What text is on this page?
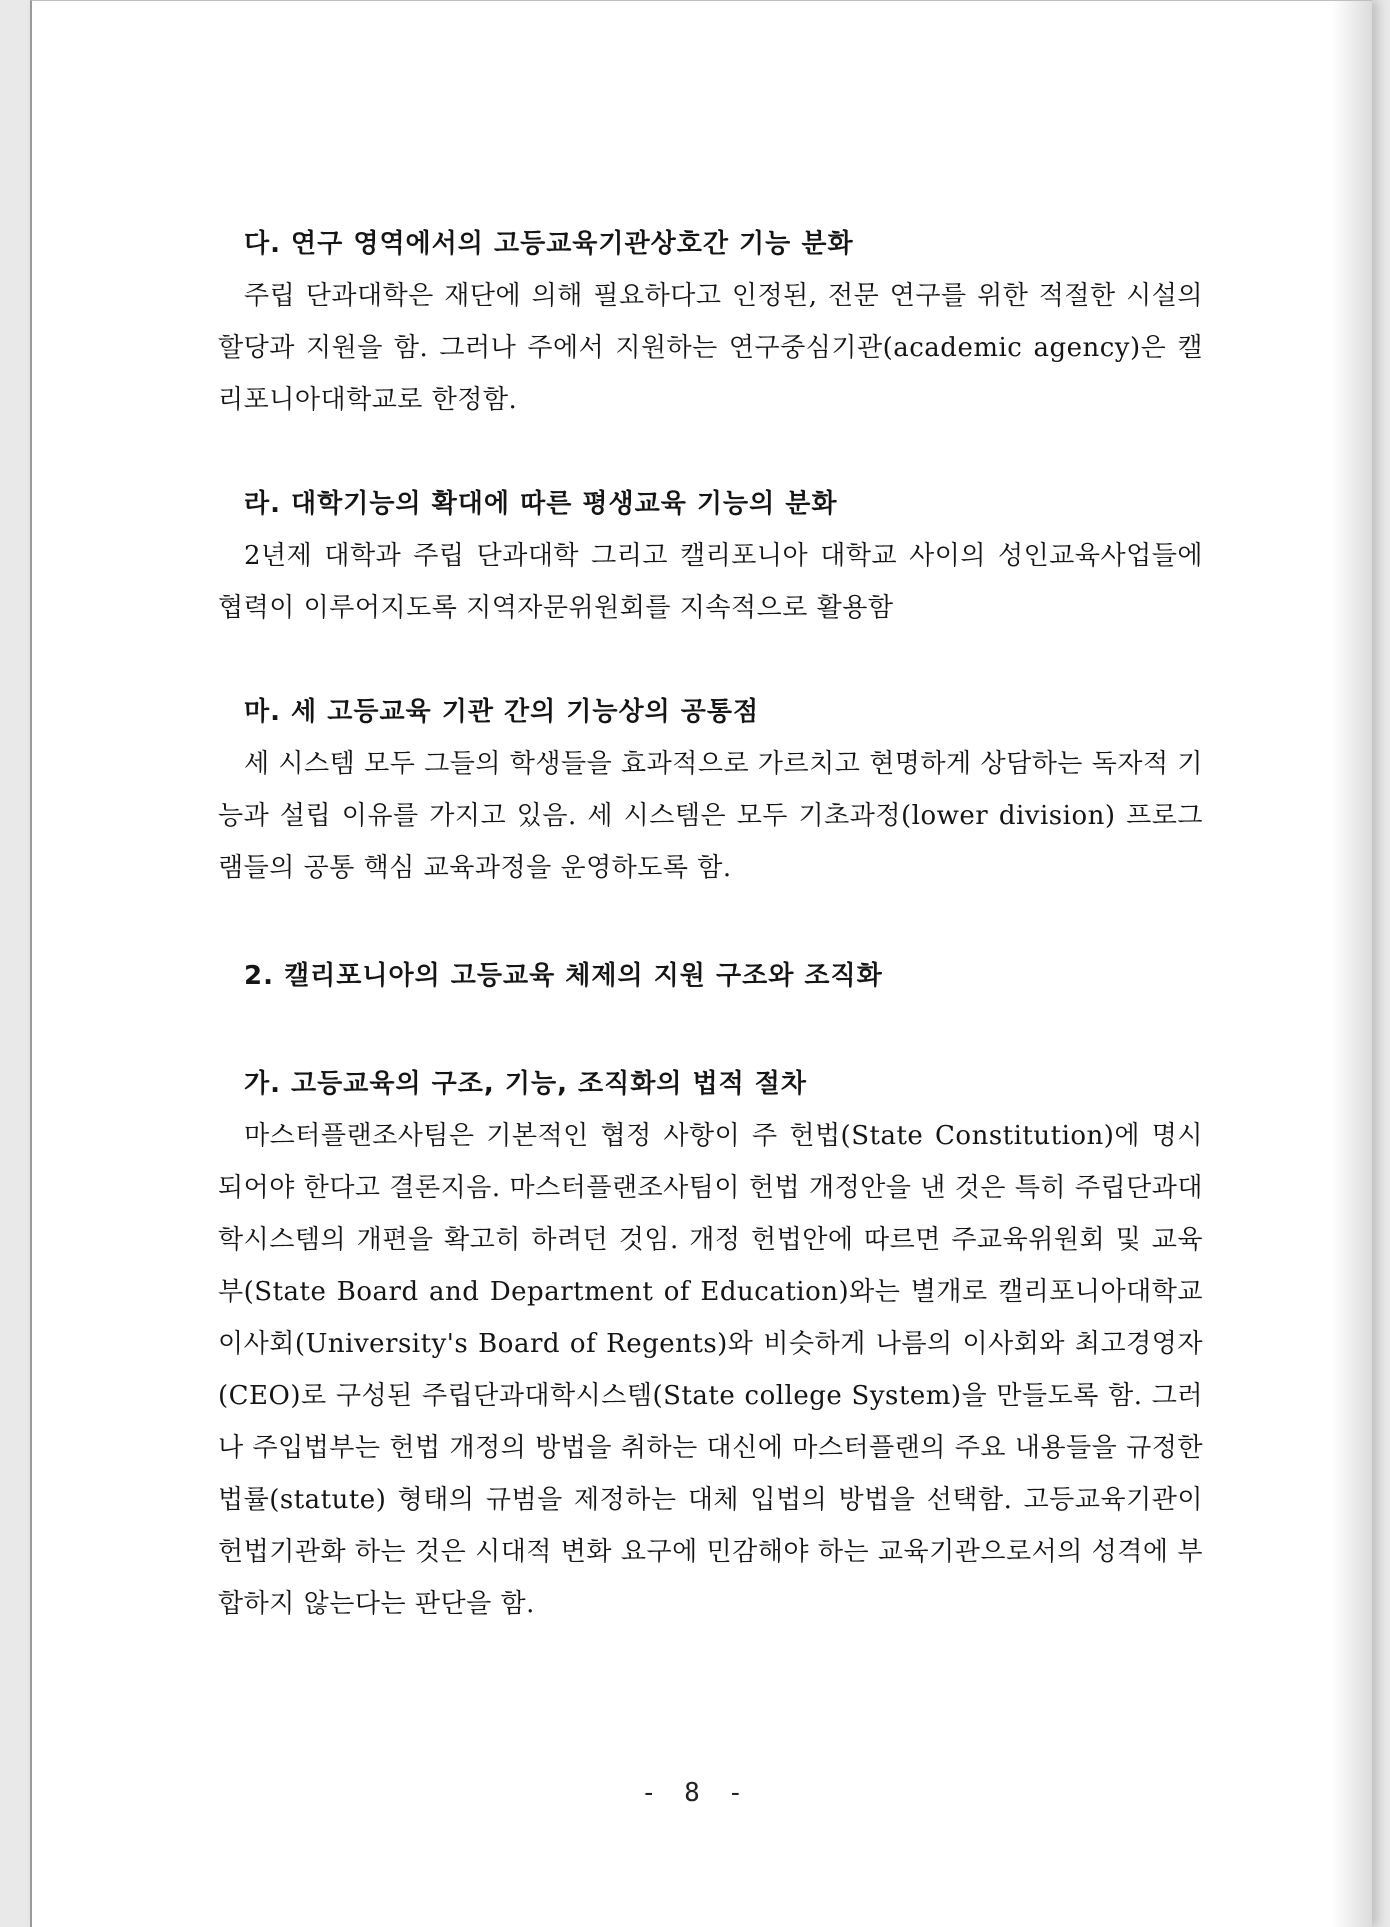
다. 연구 영역에서의 고등교육기관상호간 기능 분화

주립 단과대학은 재단에 의해 필요하다고 인정된, 전문 연구를 위한 적절한 시설의 할당과 지원을 함. 그러나 주에서 지원하는 연구중심기관(academic agency)은 캘리포니아대학교로 한정함.

라. 대학기능의 확대에 따른 평생교육 기능의 분화

2년제 대학과 주립 단과대학 그리고 캘리포니아 대학교 사이의 성인교육사업들에 협력이 이루어지도록 지역자문위원회를 지속적으로 활용함

마. 세 고등교육 기관 간의 기능상의 공통점

세 시스템 모두 그들의 학생들을 효과적으로 가르치고 현명하게 상담하는 독자적 기능과 설립 이유를 가지고 있음. 세 시스템은 모두 기초과정(lower division) 프로그램들의 공통 핵심 교육과정을 운영하도록 함.

2. 캘리포니아의 고등교육 체제의 지원 구조와 조직화
가. 고등교육의 구조, 기능, 조직화의 법적 절차

마스터플랜조사팀은 기본적인 협정 사항이 주 헌법(State Constitution)에 명시되어야 한다고 결론지음. 마스터플랜조사팀이 헌법 개정안을 낸 것은 특히 주립단과대학시스템의 개편을 확고히 하려던 것임. 개정 헌법안에 따르면 주교육위원회 및 교육부(State Board and Department of Education)와는 별개로 캘리포니아대학교 이사회(University's Board of Regents)와 비슷하게 나름의 이사회와 최고경영자(CEO)로 구성된 주립단과대학시스템(State college System)을 만들도록 함. 그러나 주입법부는 헌법 개정의 방법을 취하는 대신에 마스터플랜의 주요 내용들을 규정한 법률(statute) 형태의 규범을 제정하는 대체 입법의 방법을 선택함. 고등교육기관이 헌법기관화 하는 것은 시대적 변화 요구에 민감해야 하는 교육기관으로서의 성격에 부합하지 않는다는 판단을 함.

- 8 -
